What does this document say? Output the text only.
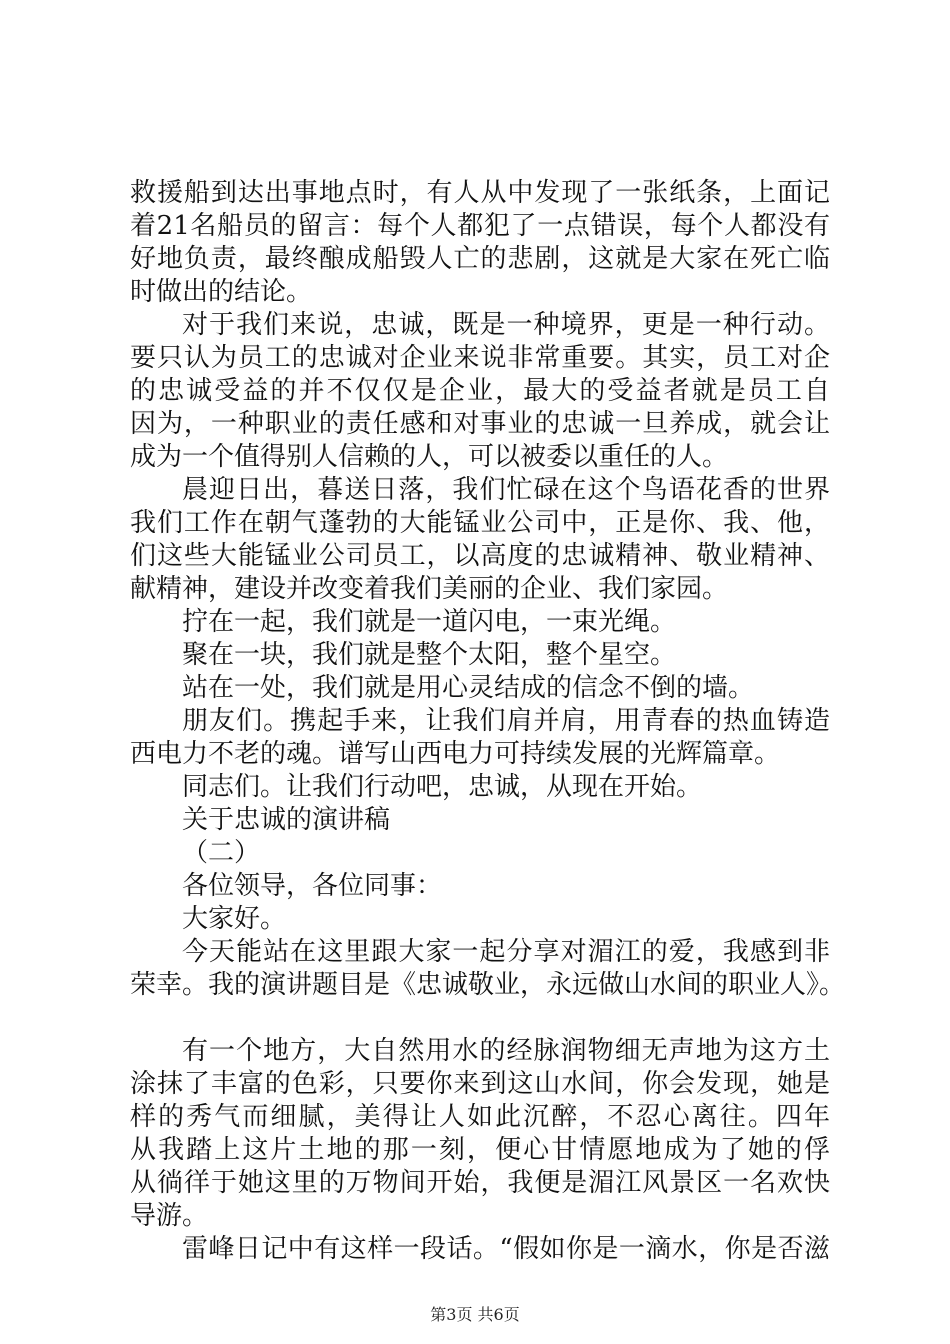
救援船到达出事地点时，有人从中发现了一张纸条，上面记
着21名船员的留言：每个人都犯了一点错误，每个人都没有
好地负责，最终酿成船毁人亡的悲剧，这就是大家在死亡临
时做出的结论。
对于我们来说，忠诚，既是一种境界，更是一种行动。
要只认为员工的忠诚对企业来说非常重要。其实，员工对企
的忠诚受益的并不仅仅是企业，最大的受益者就是员工自
因为，一种职业的责任感和对事业的忠诚一旦养成，就会让
成为一个值得别人信赖的人，可以被委以重任的人。
晨迎日出，暮送日落，我们忙碌在这个鸟语花香的世界
我们工作在朝气蓬勃的大能锰业公司中，正是你、我、他，
们这些大能锰业公司员工，以高度的忠诚精神、敬业精神、
献精神，建设并改变着我们美丽的企业、我们家园。
拧在一起，我们就是一道闪电，一束光绳。
聚在一块，我们就是整个太阳，整个星空。
站在一处，我们就是用心灵结成的信念不倒的墙。
朋友们。携起手来，让我们肩并肩，用青春的热血铸造
西电力不老的魂。谱写山西电力可持续发展的光辉篇章。
同志们。让我们行动吧，忠诚，从现在开始。
关于忠诚的演讲稿
（二）
各位领导，各位同事：
大家好。
今天能站在这里跟大家一起分享对湄江的爱，我感到非
荣幸。我的演讲题目是《忠诚敬业，永远做山水间的职业人》。
有一个地方，大自然用水的经脉润物细无声地为这方土
涂抹了丰富的色彩，只要你来到这山水间，你会发现，她是
样的秀气而细腻，美得让人如此沉醉，不忍心离往。四年
从我踏上这片土地的那一刻，便心甘情愿地成为了她的俘
从徜徉于她这里的万物间开始，我便是湄江风景区一名欢快
导游。
雷峰日记中有这样一段话。“假如你是一滴水，你是否滋
第3页 共6页
